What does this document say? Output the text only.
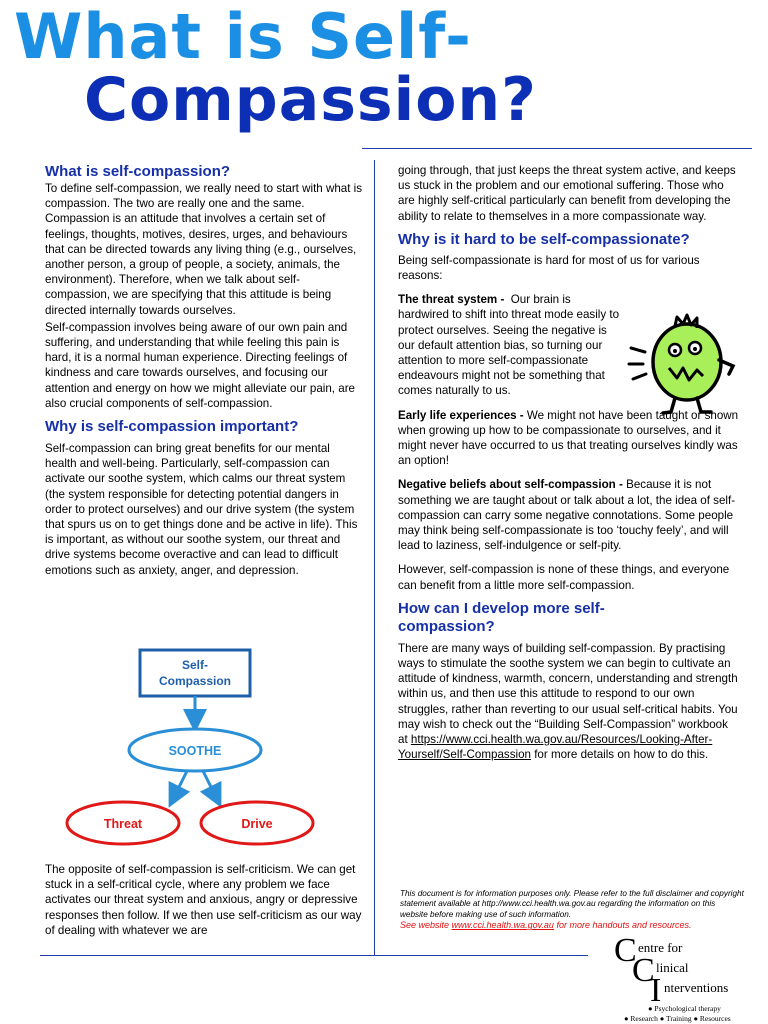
What is Self-
Compassion?

What is self-compassion?

To define self-compassion, we really need to start with what is compassion. The two are really one and the same. Compassion is an attitude that involves a certain set of feelings, thoughts, motives, desires, urges, and behaviours that can be directed towards any living thing (e.g., ourselves, another person, a group of people, a society, animals, the environment). Therefore, when we talk about self-compassion, we are specifying that this attitude is being directed internally towards ourselves.

Self-compassion involves being aware of our own pain and suffering, and understanding that while feeling this pain is hard, it is a normal human experience. Directing feelings of kindness and care towards ourselves, and focusing our attention and energy on how we might alleviate our pain, are also crucial components of self-compassion.

Why is self-compassion important?

Self-compassion can bring great benefits for our mental health and well-being. Particularly, self-compassion can activate our soothe system, which calms our threat system (the system responsible for detecting potential dangers in order to protect ourselves) and our drive system (the system that spurs us on to get things done and be active in life). This is important, as without our soothe system, our threat and drive systems become overactive and can lead to difficult emotions such as anxiety, anger, and depression.

Self-
Compassion
SOOTHE
Threat	Drive

The opposite of self-compassion is self-criticism. We can get stuck in a self-critical cycle, where any problem we face activates our threat system and anxious, angry or depressive responses then follow. If we then use self-criticism as our way of dealing with whatever we are

going through, that just keeps the threat system active, and keeps us stuck in the problem and our emotional suffering. Those who are highly self-critical particularly can benefit from developing the ability to relate to themselves in a more compassionate way.

Why is it hard to be self-compassionate?

Being self-compassionate is hard for most of us for various reasons:

The threat system - Our brain is hardwired to shift into threat mode easily to protect ourselves. Seeing the negative is our default attention bias, so turning our attention to more self-compassionate endeavours might not be something that comes naturally to us.

Early life experiences - We might not have been taught or shown when growing up how to be compassionate to ourselves, and it might never have occurred to us that treating ourselves kindly was an option!

Negative beliefs about self-compassion - Because it is not something we are taught about or talk about a lot, the idea of self-compassion can carry some negative connotations. Some people may think being self-compassionate is too ‘touchy feely’, and will lead to laziness, self-indulgence or self-pity.

However, self-compassion is none of these things, and everyone can benefit from a little more self-compassion.

How can I develop more self-compassion?

There are many ways of building self-compassion. By practising ways to stimulate the soothe system we can begin to cultivate an attitude of kindness, warmth, concern, understanding and strength within us, and then use this attitude to respond to our own struggles, rather than reverting to our usual self-critical habits. You may wish to check out the “Building Self-Compassion” workbook at https://www.cci.health.wa.gov.au/Resources/Looking-After-Yourself/Self-Compassion for more details on how to do this.

This document is for information purposes only. Please refer to the full disclaimer and copyright statement available at http://www.cci.health.wa.gov.au regarding the information on this website before making use of such information.
See website www.cci.health.wa.gov.au for more handouts and resources.
C entre for
C linical
I nterventions
● Psychological therapy
● Research ● Training ● Resources
